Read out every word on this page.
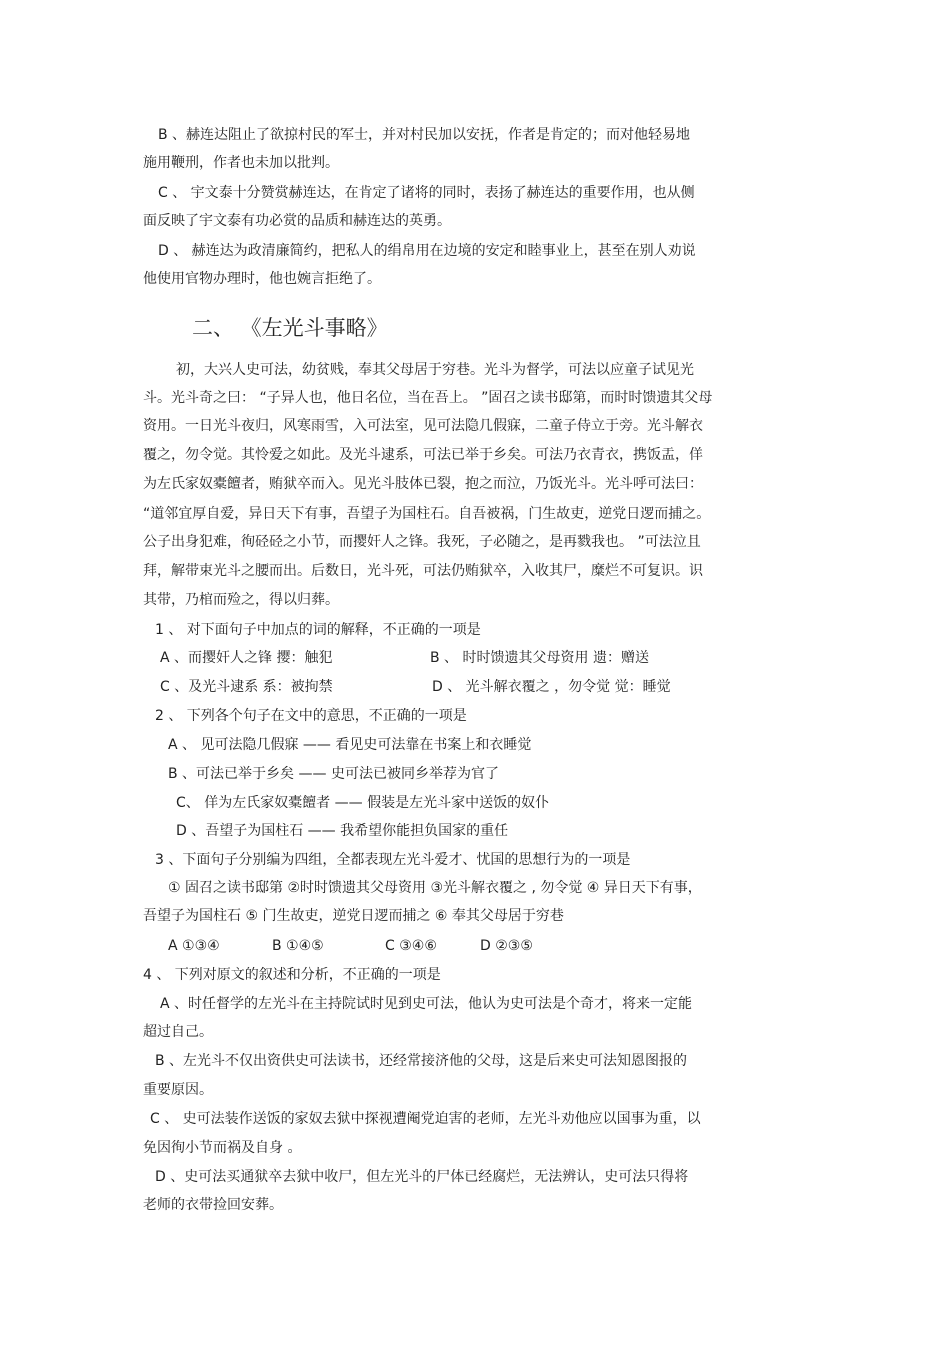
B 、赫连达阻止了欲掠村民的军士，并对村民加以安抚，作者是肯定的；而对他轻易地
施用鞭刑，作者也未加以批判。
C 、 宇文泰十分赞赏赫连达，在肯定了诸将的同时，表扬了赫连达的重要作用，也从侧
面反映了宇文泰有功必赏的品质和赫连达的英勇。
D 、 赫连达为政清廉简约，把私人的绢帛用在边境的安定和睦事业上，甚至在别人劝说
他使用官物办理时，他也婉言拒绝了。
二、 《左光斗事略》
初，大兴人史可法，幼贫贱，奉其父母居于穷巷。光斗为督学，可法以应童子试见光
斗。光斗奇之曰： “子异人也，他日名位，当在吾上。 ”固召之读书邸第，而时时馈遗其父母
资用。一日光斗夜归，风寒雨雪，入可法室，见可法隐几假寐，二童子侍立于旁。光斗解衣
覆之，勿令觉。其怜爱之如此。及光斗逮系，可法已举于乡矣。可法乃衣青衣，携饭盂，佯
为左氏家奴橐饘者，贿狱卒而入。见光斗肢体已裂，抱之而泣，乃饭光斗。光斗呼可法曰：
“道邻宜厚自爱，异日天下有事，吾望子为国柱石。自吾被祸，门生故吏，逆党日逻而捕之。
公子出身犯难，徇硁硁之小节，而撄奸人之锋。我死，子必随之，是再戮我也。 ”可法泣且
拜，解带束光斗之腰而出。后数日，光斗死，可法仍贿狱卒，入收其尸，糜烂不可复识。识
其带，乃棺而殓之，得以归葬。
1 、 对下面句子中加点的词的解释，不正确的一项是
A 、而撄奸人之锋 撄：触犯	B 、 时时馈遗其父母资用 遗：赠送
C 、及光斗逮系 系：被拘禁	D 、 光斗解衣覆之 ，勿令觉 觉：睡觉
2 、 下列各个句子在文中的意思，不正确的一项是
A 、 见可法隐几假寐 —— 看见史可法靠在书案上和衣睡觉
B 、可法已举于乡矣 —— 史可法已被同乡举荐为官了
C、 佯为左氏家奴橐饘者 —— 假装是左光斗家中送饭的奴仆
D 、吾望子为国柱石 —— 我希望你能担负国家的重任
3 、下面句子分别编为四组，全都表现左光斗爱才、忧国的思想行为的一项是
① 固召之读书邸第 ②时时馈遗其父母资用 ③光斗解衣覆之 , 勿令觉 ④ 异日天下有事，
吾望子为国柱石 ⑤ 门生故吏，逆党日逻而捕之 ⑥ 奉其父母居于穷巷
A ①③④	B ①④⑤	C ③④⑥	D ②③⑤
4 、 下列对原文的叙述和分析，不正确的一项是
A 、时任督学的左光斗在主持院试时见到史可法，他认为史可法是个奇才，将来一定能
超过自己。
B 、左光斗不仅出资供史可法读书，还经常接济他的父母，这是后来史可法知恩图报的
重要原因。
C 、 史可法装作送饭的家奴去狱中探视遭阉党迫害的老师，左光斗劝他应以国事为重，以
免因徇小节而祸及自身 。
D 、史可法买通狱卒去狱中收尸，但左光斗的尸体已经腐烂，无法辨认，史可法只得将
老师的衣带捡回安葬。
